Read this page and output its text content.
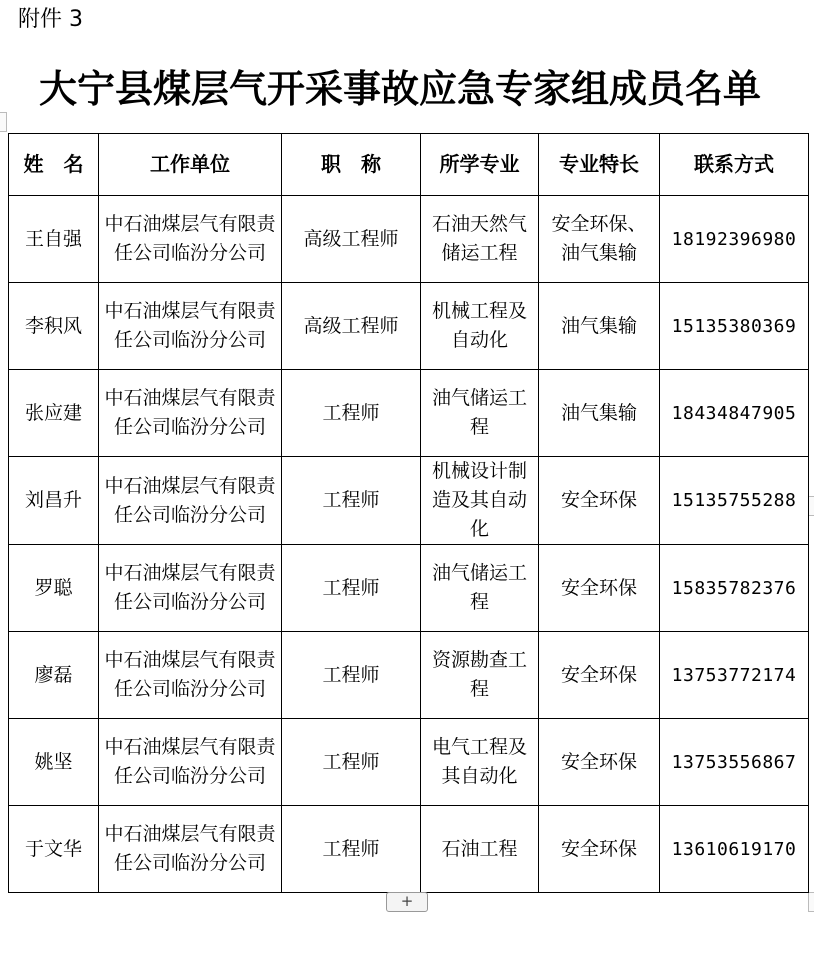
附件 3
大宁县煤层气开采事故应急专家组成员名单
姓　名	工作单位	职　称	所学专业	专业特长	联系方式
王自强	中石油煤层气有限责任公司临汾分公司	高级工程师	石油天然气储运工程	安全环保、油气集输	18192396980
李积风	中石油煤层气有限责任公司临汾分公司	高级工程师	机械工程及自动化	油气集输	15135380369
张应建	中石油煤层气有限责任公司临汾分公司	工程师	油气储运工程	油气集输	18434847905
刘昌升	中石油煤层气有限责任公司临汾分公司	工程师	机械设计制造及其自动化	安全环保	15135755288
罗聪	中石油煤层气有限责任公司临汾分公司	工程师	油气储运工程	安全环保	15835782376
廖磊	中石油煤层气有限责任公司临汾分公司	工程师	资源勘查工程	安全环保	13753772174
姚坚	中石油煤层气有限责任公司临汾分公司	工程师	电气工程及其自动化	安全环保	13753556867
于文华	中石油煤层气有限责任公司临汾分公司	工程师	石油工程	安全环保	13610619170
+
